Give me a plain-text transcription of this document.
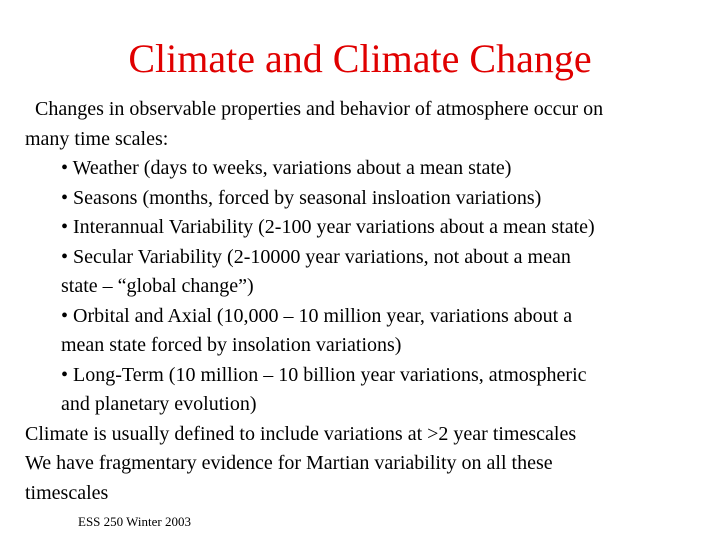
Climate and Climate Change
Changes in observable properties and behavior of atmosphere occur on
many time scales:
• Weather (days to weeks, variations about a mean state)
• Seasons (months, forced by seasonal insloation variations)
• Interannual Variability (2-100 year variations about a mean state)
• Secular Variability (2-10000 year variations, not about a mean
state – “global change”)
• Orbital and Axial (10,000 – 10 million year, variations about a
mean state forced by insolation variations)
• Long-Term (10 million – 10 billion year variations, atmospheric
and planetary evolution)
Climate is usually defined to include variations at >2 year timescales
We have fragmentary evidence for Martian variability on all these
timescales
ESS 250 Winter 2003
